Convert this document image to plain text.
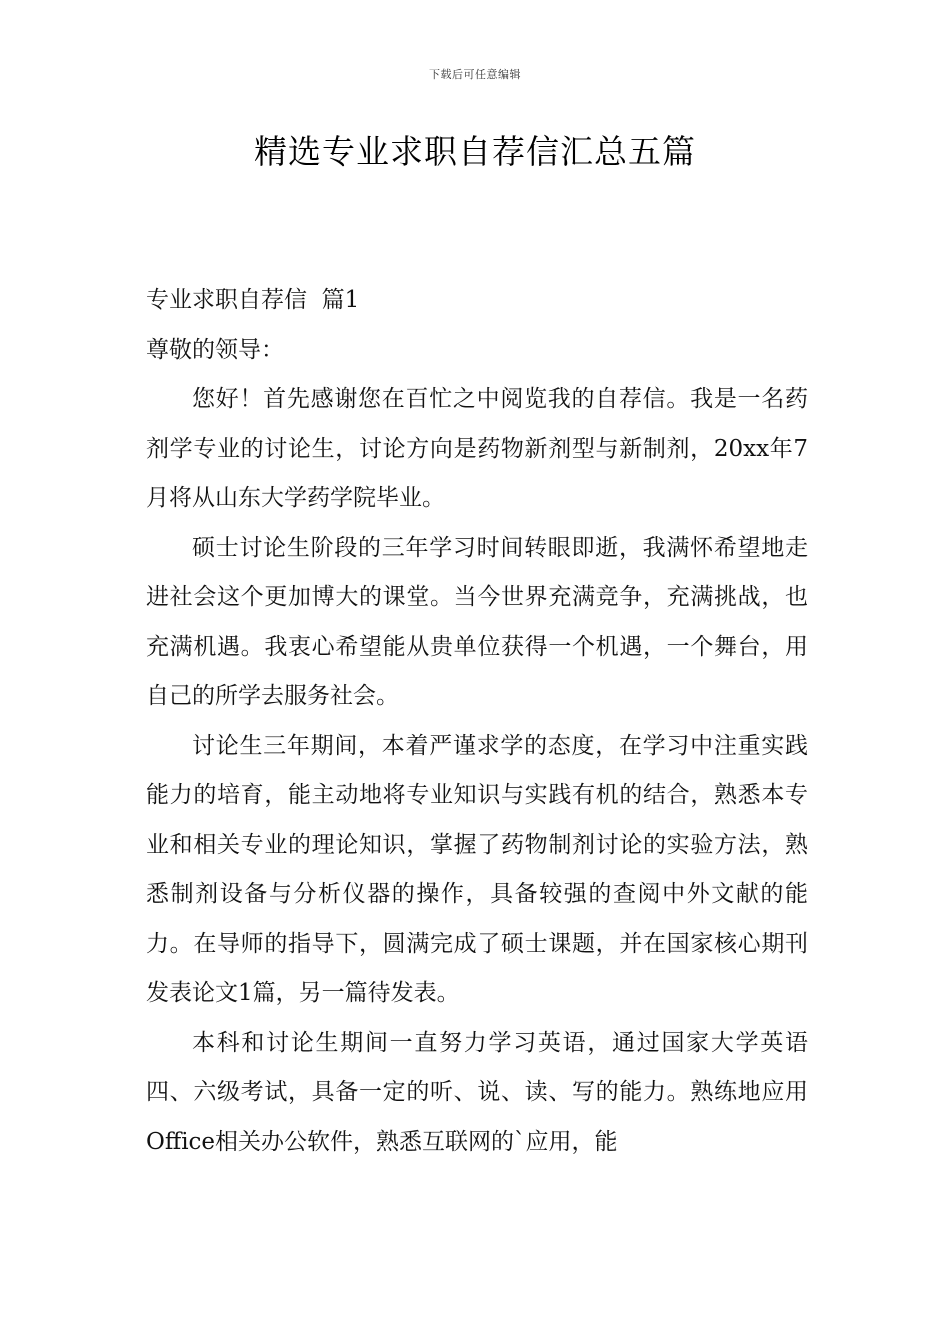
下载后可任意编辑
精选专业求职自荐信汇总五篇

专业求职自荐信  篇1

尊敬的领导：

您好！首先感谢您在百忙之中阅览我的自荐信。我是一名药剂学专业的讨论生，讨论方向是药物新剂型与新制剂，20xx年7月将从山东大学药学院毕业。

硕士讨论生阶段的三年学习时间转眼即逝，我满怀希望地走进社会这个更加博大的课堂。当今世界充满竞争，充满挑战，也充满机遇。我衷心希望能从贵单位获得一个机遇，一个舞台，用自己的所学去服务社会。

讨论生三年期间，本着严谨求学的态度，在学习中注重实践能力的培育，能主动地将专业知识与实践有机的结合，熟悉本专业和相关专业的理论知识，掌握了药物制剂讨论的实验方法，熟悉制剂设备与分析仪器的操作，具备较强的查阅中外文献的能力。在导师的指导下，圆满完成了硕士课题，并在国家核心期刊发表论文1篇，另一篇待发表。

本科和讨论生期间一直努力学习英语，通过国家大学英语四、六级考试，具备一定的听、说、读、写的能力。熟练地应用Office相关办公软件，熟悉互联网的`应用，能
